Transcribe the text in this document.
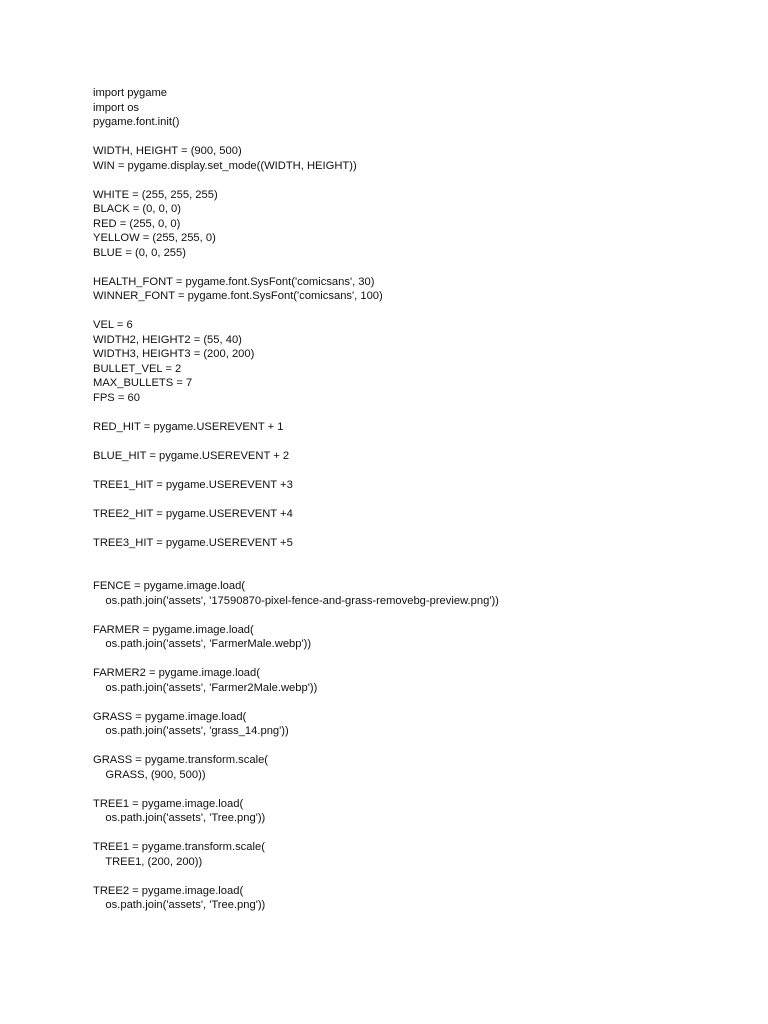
import pygame
import os
pygame.font.init()
WIDTH, HEIGHT = (900, 500)
WIN = pygame.display.set_mode((WIDTH, HEIGHT))
WHITE = (255, 255, 255)
BLACK = (0, 0, 0)
RED = (255, 0, 0)
YELLOW = (255, 255, 0)
BLUE = (0, 0, 255)
HEALTH_FONT = pygame.font.SysFont('comicsans', 30)
WINNER_FONT = pygame.font.SysFont('comicsans', 100)
VEL = 6
WIDTH2, HEIGHT2 = (55, 40)
WIDTH3, HEIGHT3 = (200, 200)
BULLET_VEL = 2
MAX_BULLETS = 7
FPS = 60
RED_HIT = pygame.USEREVENT + 1
BLUE_HIT = pygame.USEREVENT + 2
TREE1_HIT = pygame.USEREVENT +3
TREE2_HIT = pygame.USEREVENT +4
TREE3_HIT = pygame.USEREVENT +5
FENCE = pygame.image.load(
os.path.join('assets', '17590870-pixel-fence-and-grass-removebg-preview.png'))
FARMER = pygame.image.load(
os.path.join('assets', 'FarmerMale.webp'))
FARMER2 = pygame.image.load(
os.path.join('assets', 'Farmer2Male.webp'))
GRASS = pygame.image.load(
os.path.join('assets', 'grass_14.png'))
GRASS = pygame.transform.scale(
GRASS, (900, 500))
TREE1 = pygame.image.load(
os.path.join('assets', 'Tree.png'))
TREE1 = pygame.transform.scale(
TREE1, (200, 200))
TREE2 = pygame.image.load(
os.path.join('assets', 'Tree.png'))
